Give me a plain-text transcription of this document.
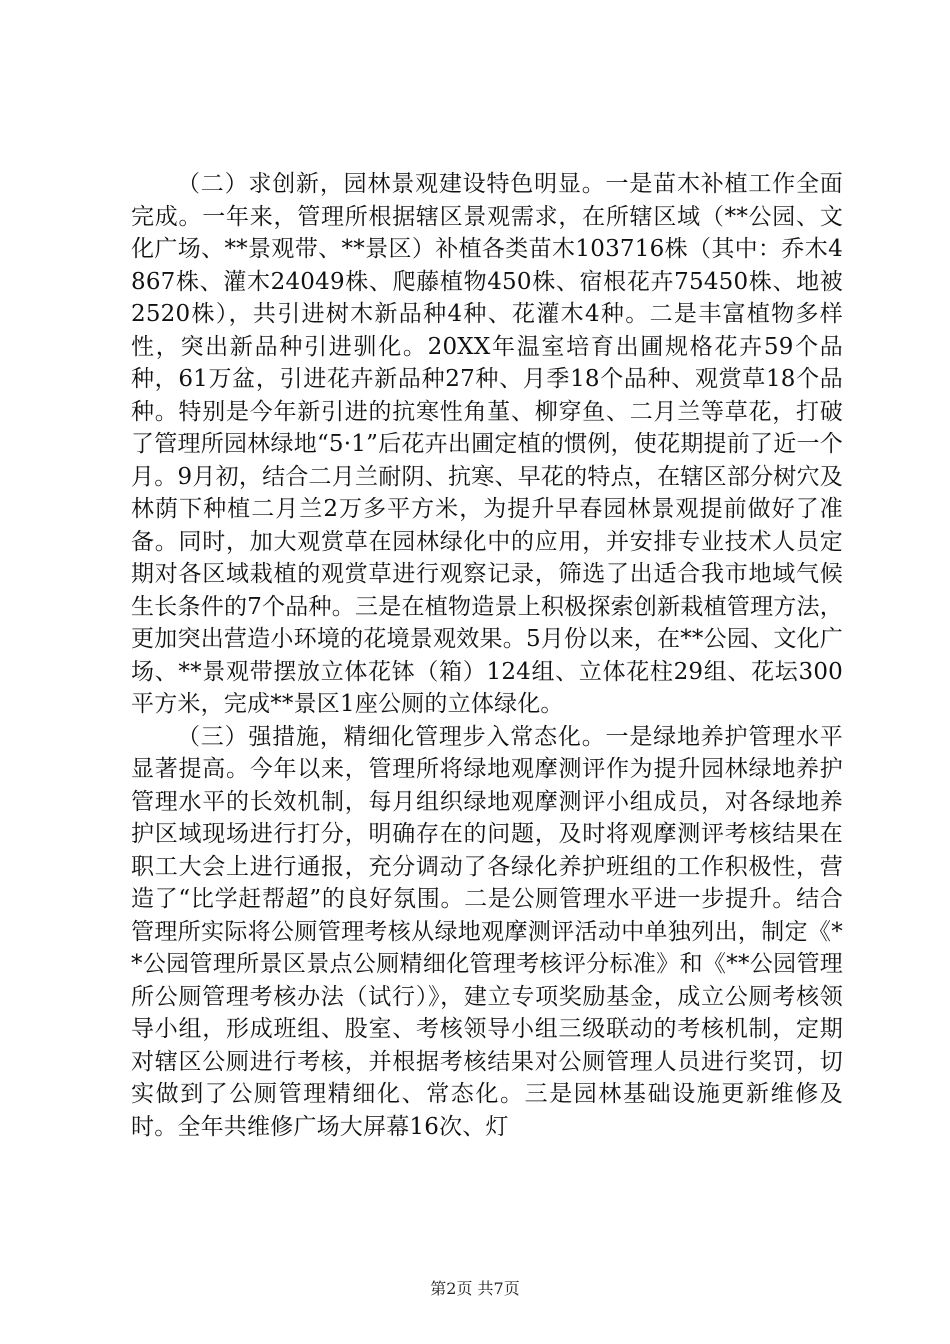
（二）求创新，园林景观建设特色明显。一是苗木补植工作全面完成。一年来，管理所根据辖区景观需求，在所辖区域（**公园、文化广场、**景观带、**景区）补植各类苗木103716株（其中：乔木4867株、灌木24049株、爬藤植物450株、宿根花卉75450株、地被2520株），共引进树木新品种4种、花灌木4种。二是丰富植物多样性，突出新品种引进驯化。20XX年温室培育出圃规格花卉59个品种，61万盆，引进花卉新品种27种、月季18个品种、观赏草18个品种。特别是今年新引进的抗寒性角堇、柳穿鱼、二月兰等草花，打破了管理所园林绿地“5·1”后花卉出圃定植的惯例，使花期提前了近一个月。9月初，结合二月兰耐阴、抗寒、早花的特点，在辖区部分树穴及林荫下种植二月兰2万多平方米，为提升早春园林景观提前做好了准备。同时，加大观赏草在园林绿化中的应用，并安排专业技术人员定期对各区域栽植的观赏草进行观察记录，筛选了出适合我市地域气候生长条件的7个品种。三是在植物造景上积极探索创新栽植管理方法，更加突出营造小环境的花境景观效果。5月份以来，在**公园、文化广场、**景观带摆放立体花钵（箱）124组、立体花柱29组、花坛300平方米，完成**景区1座公厕的立体绿化。

（三）强措施，精细化管理步入常态化。一是绿地养护管理水平显著提高。今年以来，管理所将绿地观摩测评作为提升园林绿地养护管理水平的长效机制，每月组织绿地观摩测评小组成员，对各绿地养护区域现场进行打分，明确存在的问题，及时将观摩测评考核结果在职工大会上进行通报，充分调动了各绿化养护班组的工作积极性，营造了“比学赶帮超”的良好氛围。二是公厕管理水平进一步提升。结合管理所实际将公厕管理考核从绿地观摩测评活动中单独列出，制定《**公园管理所景区景点公厕精细化管理考核评分标准》和《**公园管理所公厕管理考核办法（试行）》，建立专项奖励基金，成立公厕考核领导小组，形成班组、股室、考核领导小组三级联动的考核机制，定期对辖区公厕进行考核，并根据考核结果对公厕管理人员进行奖罚，切实做到了公厕管理精细化、常态化。三是园林基础设施更新维修及时。全年共维修广场大屏幕16次、灯

第2页 共7页
